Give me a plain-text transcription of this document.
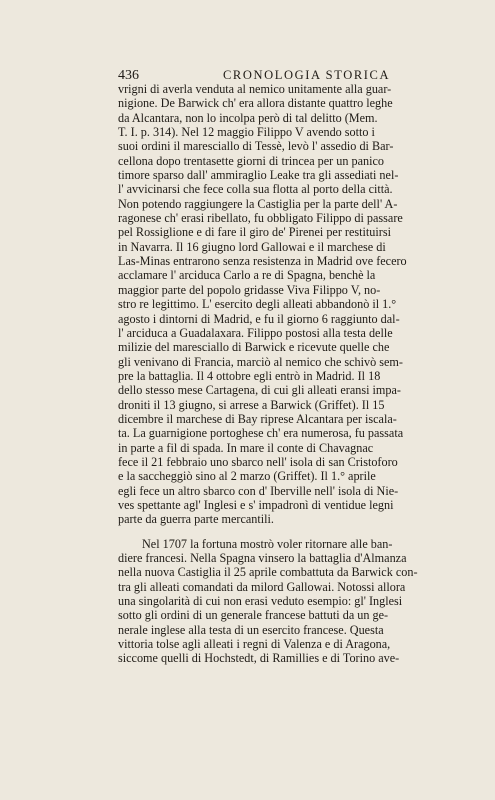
436	CRONOLOGIA STORICA
vrigni di averla venduta al nemico unitamente alla guar-
nigione. De Barwick ch' era allora distante quattro leghe
da Alcantara, non lo incolpa però di tal delitto (Mem.
T. I. p. 314). Nel 12 maggio Filippo V avendo sotto i
suoi ordini il maresciallo di Tessè, levò l' assedio di Bar-
cellona dopo trentasette giorni di trincea per un panico
timore sparso dall' ammiraglio Leake tra gli assediati nel-
l' avvicinarsi che fece colla sua flotta al porto della città.
Non potendo raggiungere la Castiglia per la parte dell' A-
ragonese ch' erasi ribellato, fu obbligato Filippo di passare
pel Rossiglione e di fare il giro de' Pirenei per restituirsi
in Navarra. Il 16 giugno lord Gallowai e il marchese di
Las-Minas entrarono senza resistenza in Madrid ove fecero
acclamare l' arciduca Carlo a re di Spagna, benchè la
maggior parte del popolo gridasse Viva Filippo V, no-
stro re legittimo. L' esercito degli alleati abbandonò il 1.°
agosto i dintorni di Madrid, e fu il giorno 6 raggiunto dal-
l' arciduca a Guadalaxara. Filippo postosi alla testa delle
milizie del maresciallo di Barwick e ricevute quelle che
gli venivano di Francia, marciò al nemico che schivò sem-
pre la battaglia. Il 4 ottobre egli entrò in Madrid. Il 18
dello stesso mese Cartagena, di cui gli alleati eransi impa-
droniti il 13 giugno, si arrese a Barwick (Griffet). Il 15
dicembre il marchese di Bay riprese Alcantara per iscala-
ta. La guarnigione portoghese ch' era numerosa, fu passata
in parte a fil di spada. In mare il conte di Chavagnac
fece il 21 febbraio uno sbarco nell' isola di san Cristoforo
e la saccheggiò sino al 2 marzo (Griffet). Il 1.° aprile
egli fece un altro sbarco con d' Iberville nell' isola di Nie-
ves spettante agl' Inglesi e s' impadronì di ventidue legni
parte da guerra parte mercantili.
Nel 1707 la fortuna mostrò voler ritornare alle ban-
diere francesi. Nella Spagna vinsero la battaglia d'Almanza
nella nuova Castiglia il 25 aprile combattuta da Barwick con-
tra gli alleati comandati da milord Gallowai. Notossi allora
una singolarità di cui non erasi veduto esempio: gl' Inglesi
sotto gli ordini di un generale francese battuti da un ge-
nerale inglese alla testa di un esercito francese. Questa
vittoria tolse agli alleati i regni di Valenza e di Aragona,
siccome quelli di Hochstedt, di Ramillies e di Torino ave-
